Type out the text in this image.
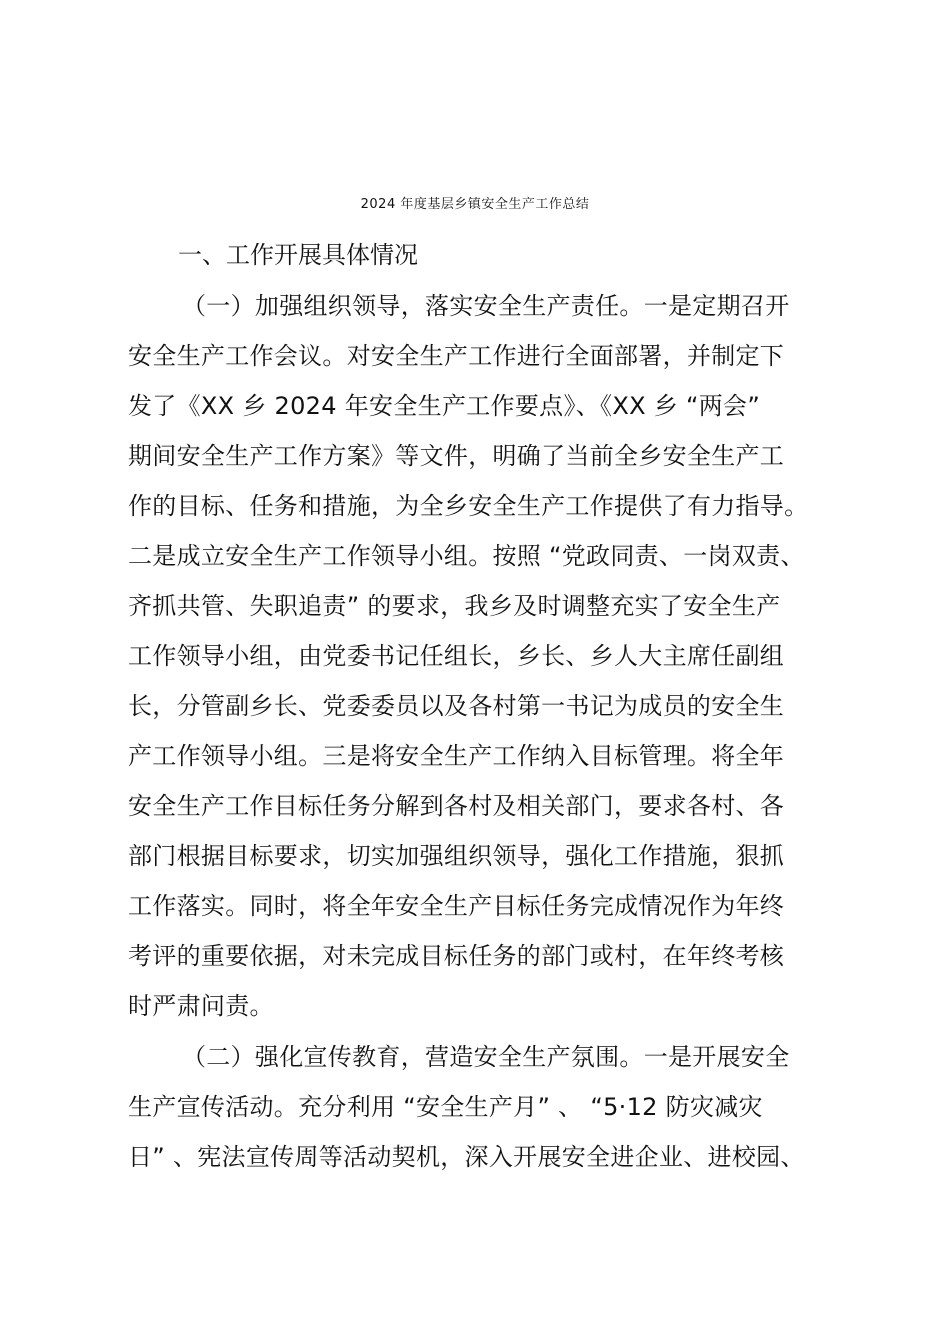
2024 年度基层乡镇安全生产工作总结
一、工作开展具体情况
（一）加强组织领导，落实安全生产责任。一是定期召开
安全生产工作会议。对安全生产工作进行全面部署，并制定下
发了《XX 乡 2024 年安全生产工作要点》、《XX 乡 “两会”
期间安全生产工作方案》等文件，明确了当前全乡安全生产工
作的目标、任务和措施，为全乡安全生产工作提供了有力指导。
二是成立安全生产工作领导小组。按照 “党政同责、一岗双责、
齐抓共管、失职追责” 的要求，我乡及时调整充实了安全生产
工作领导小组，由党委书记任组长，乡长、乡人大主席任副组
长，分管副乡长、党委委员以及各村第一书记为成员的安全生
产工作领导小组。三是将安全生产工作纳入目标管理。将全年
安全生产工作目标任务分解到各村及相关部门，要求各村、各
部门根据目标要求，切实加强组织领导，强化工作措施，狠抓
工作落实。同时，将全年安全生产目标任务完成情况作为年终
考评的重要依据，对未完成目标任务的部门或村，在年终考核
时严肃问责。
（二）强化宣传教育，营造安全生产氛围。一是开展安全
生产宣传活动。充分利用 “安全生产月” 、 “5·12 防灾减灾
日” 、宪法宣传周等活动契机，深入开展安全进企业、进校园、
